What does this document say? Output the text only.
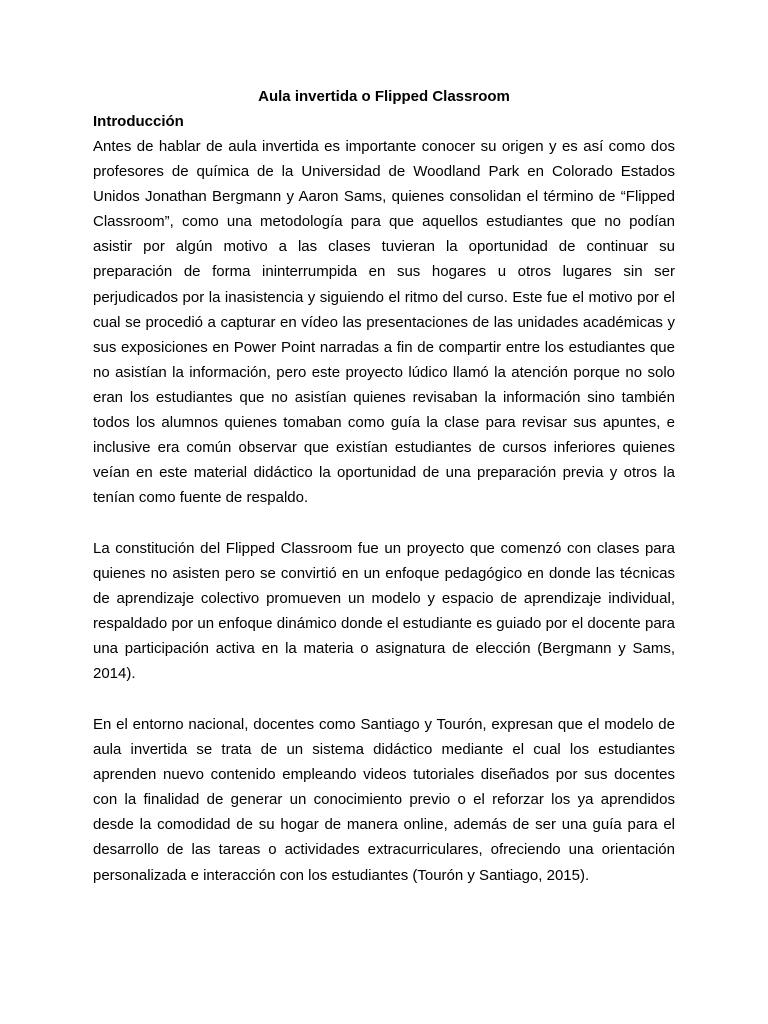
Aula invertida o Flipped Classroom
Introducción

Antes de hablar de aula invertida es importante conocer su origen y es así como dos profesores de química de la Universidad de Woodland Park en Colorado Estados Unidos Jonathan Bergmann y Aaron Sams, quienes consolidan el término de “Flipped Classroom”, como una metodología para que aquellos estudiantes que no podían asistir por algún motivo a las clases tuvieran la oportunidad de continuar su preparación de forma ininterrumpida en sus hogares u otros lugares sin ser perjudicados por la inasistencia y siguiendo el ritmo del curso. Este fue el motivo por el cual se procedió a capturar en vídeo las presentaciones de las unidades académicas y sus exposiciones en Power Point narradas a fin de compartir entre los estudiantes que no asistían la información, pero este proyecto lúdico llamó la atención porque no solo eran los estudiantes que no asistían quienes revisaban la información sino también todos los alumnos quienes tomaban como guía la clase para revisar sus apuntes, e inclusive era común observar que existían estudiantes de cursos inferiores quienes veían en este material didáctico la oportunidad de una preparación previa y otros la tenían como fuente de respaldo.

La constitución del Flipped Classroom fue un proyecto que comenzó con clases para quienes no asisten pero se convirtió en un enfoque pedagógico en donde las técnicas de aprendizaje colectivo promueven un modelo y espacio de aprendizaje individual, respaldado por un enfoque dinámico donde el estudiante es guiado por el docente para una participación activa en la materia o asignatura de elección (Bergmann y Sams, 2014).

En el entorno nacional, docentes como Santiago y Tourón, expresan que el modelo de aula invertida se trata de un sistema didáctico mediante el cual los estudiantes aprenden nuevo contenido empleando videos tutoriales diseñados por sus docentes con la finalidad de generar un conocimiento previo o el reforzar los ya aprendidos desde la comodidad de su hogar de manera online, además de ser una guía para el desarrollo de las tareas o actividades extracurriculares, ofreciendo una orientación personalizada e interacción con los estudiantes (Tourón y Santiago, 2015).
